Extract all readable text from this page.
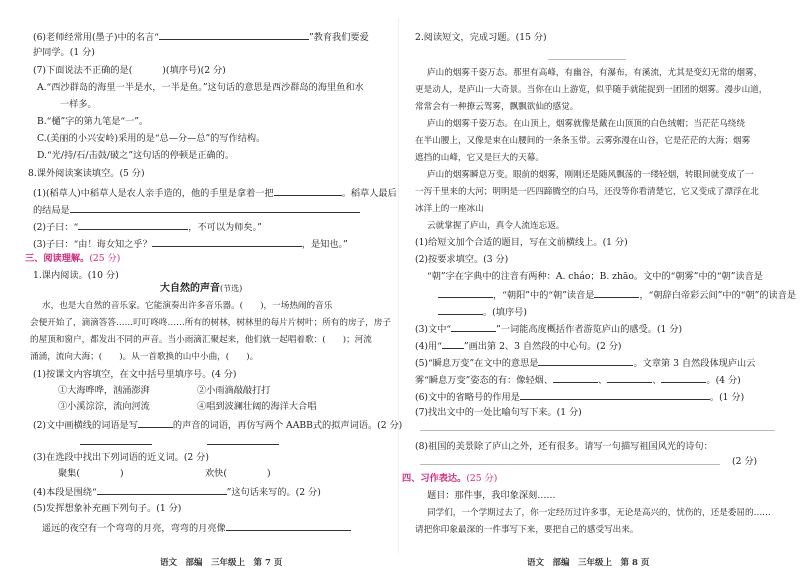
(6)老师经常用(墨子)中的名言“	”教育我们要爱
护同学。(1 分)
(7)下面说法不正确的是(	)(填序号)(2 分)
A.“西沙群岛的海里一半是水，一半是鱼。”这句话的意思是西沙群岛的海里鱼和水
一样多。
B.“樋”字的第九笔是“一”。
C.(美丽的小兴安岭)采用的是“总—分—总”的写作结构。
D.“光/持/石/击鼓/破之”这句话的停顿是正确的。
8.课外阅读案读填空。(5 分)
(1)(稻草人)中稻草人是农人亲手造的，他的手里是拿着一把	。稻草人最后
的结局是
(2)子曰：“	，不可以为师矣。”
(3)子曰：“由！诲女知之乎？	，是知也。”
三、阅读理解。(25 分)
1.课内阅读。(10 分)
大自然的声音(节选)
水，也是大自然的音乐家。它能演奏出许多音乐器。(　　)，一场热闹的音乐
会便开始了，滴滴答答……叮叮咚咚……所有的树林，树林里的每片片树叶；所有的房子，房子
的屋顶和窗户，都发出不同的声音。当小雨滴汇聚起来，他们就一起唱着歌：(　　)；河流
涌涌，流向大海；(　　)。从一首歌换的山中小曲，(　　)。
(1)按课文内容填空，在文中括号里填序号。(4 分)
①大海哗哗，汹涌澎湃	②小雨滴敲敲打打
③小溪淙淙，流向河流	④唱到波澜壮阔的海洋大合唱
(2)文中画横线的词语是写	的声音的词语，再仿写两个 AABB式的拟声词语。(2 分)
(3)在选段中找出下列词语的近义词。(2 分)
聚集(	)	欢快(	)
(4)本段是围绕“	”这句话来写的。(2 分)
(5)发挥想象补充画下列句子。(1 分)
遥远的夜空有一个弯弯的月亮，弯弯的月亮像
语文　部编　三年级上　第 7 页
2.阅读短文，完成习题。(15 分)
庐山的烟雾千姿万态。那里有高峰，有幽谷，有瀑布，有溪流，尤其是变幻无常的烟雾，
更是动人，是庐山一大奇景。当你在山上游览，似乎随手就能捉到一团团的烟雾。漫步山道，
常常会有一种撩云驾雾，飘飘欲仙的感觉。
庐山的烟雾千姿万态。在山顶上，烟雾就像是戴在山顶顶的白色绒帽；当茫茫乌绕绕
在半山腰上，又像是束在山腰间的一条条玉带。云雾弥漫在山谷，它是茫茫的大海；烟雾
遮挡的山峰，它又是巨大的天幕。
庐山的烟雾瞬息万变。眼前的烟雾，刚刚还是随风飘荡的一缕轻烟，转眼间就变成了一
一泻千里来的大河；明明是一匹四蹄腾空的白马，还没等你看清楚它，它又变成了漂浮在北
冰洋上的一座冰山
云就掌握了庐山，真令人流连忘返。
(1)给短文加个合适的题目，写在文前横线上。(1 分)
(2)按要求填空。(3 分)
“朝”字在字典中的注音有两种：A. cháo；B. zhāo。文中的“朝雾”中的“朝”读音是
，“朝阳”中的“朝”读音是	，“朝辞白帝彩云间”中的“朝”的读音是
。(填序号)
(3)文中“	”一词能高度概括作者游览庐山的感受。(1 分)
(4)用“ ”画出第 2、3 自然段的中心句。(2 分)
(5)“瞬息万变”在文中的意思是	。文章第 3 自然段体现庐山云
雾“瞬息万变”姿态的有：像轻烟、	、	、	。(4 分)
(6)文中的省略号的作用是	。(1 分)
(7)找出文中的一处比喻句写下来。(1 分)
(8)祖国的美景除了庐山之外，还有很多。请写一句描写祖国风光的诗句：
(2 分)
四、习作表达。(25 分)
题目：那件事，我印象深刻……
同学们，一个学期过去了，你一定经历过许多事，无论是高兴的，忧伤的，还是委屈的……
请把你印象最深的一件事写下来，要把自己的感受写出来。
语文　部编　三年级上　第 8 页
